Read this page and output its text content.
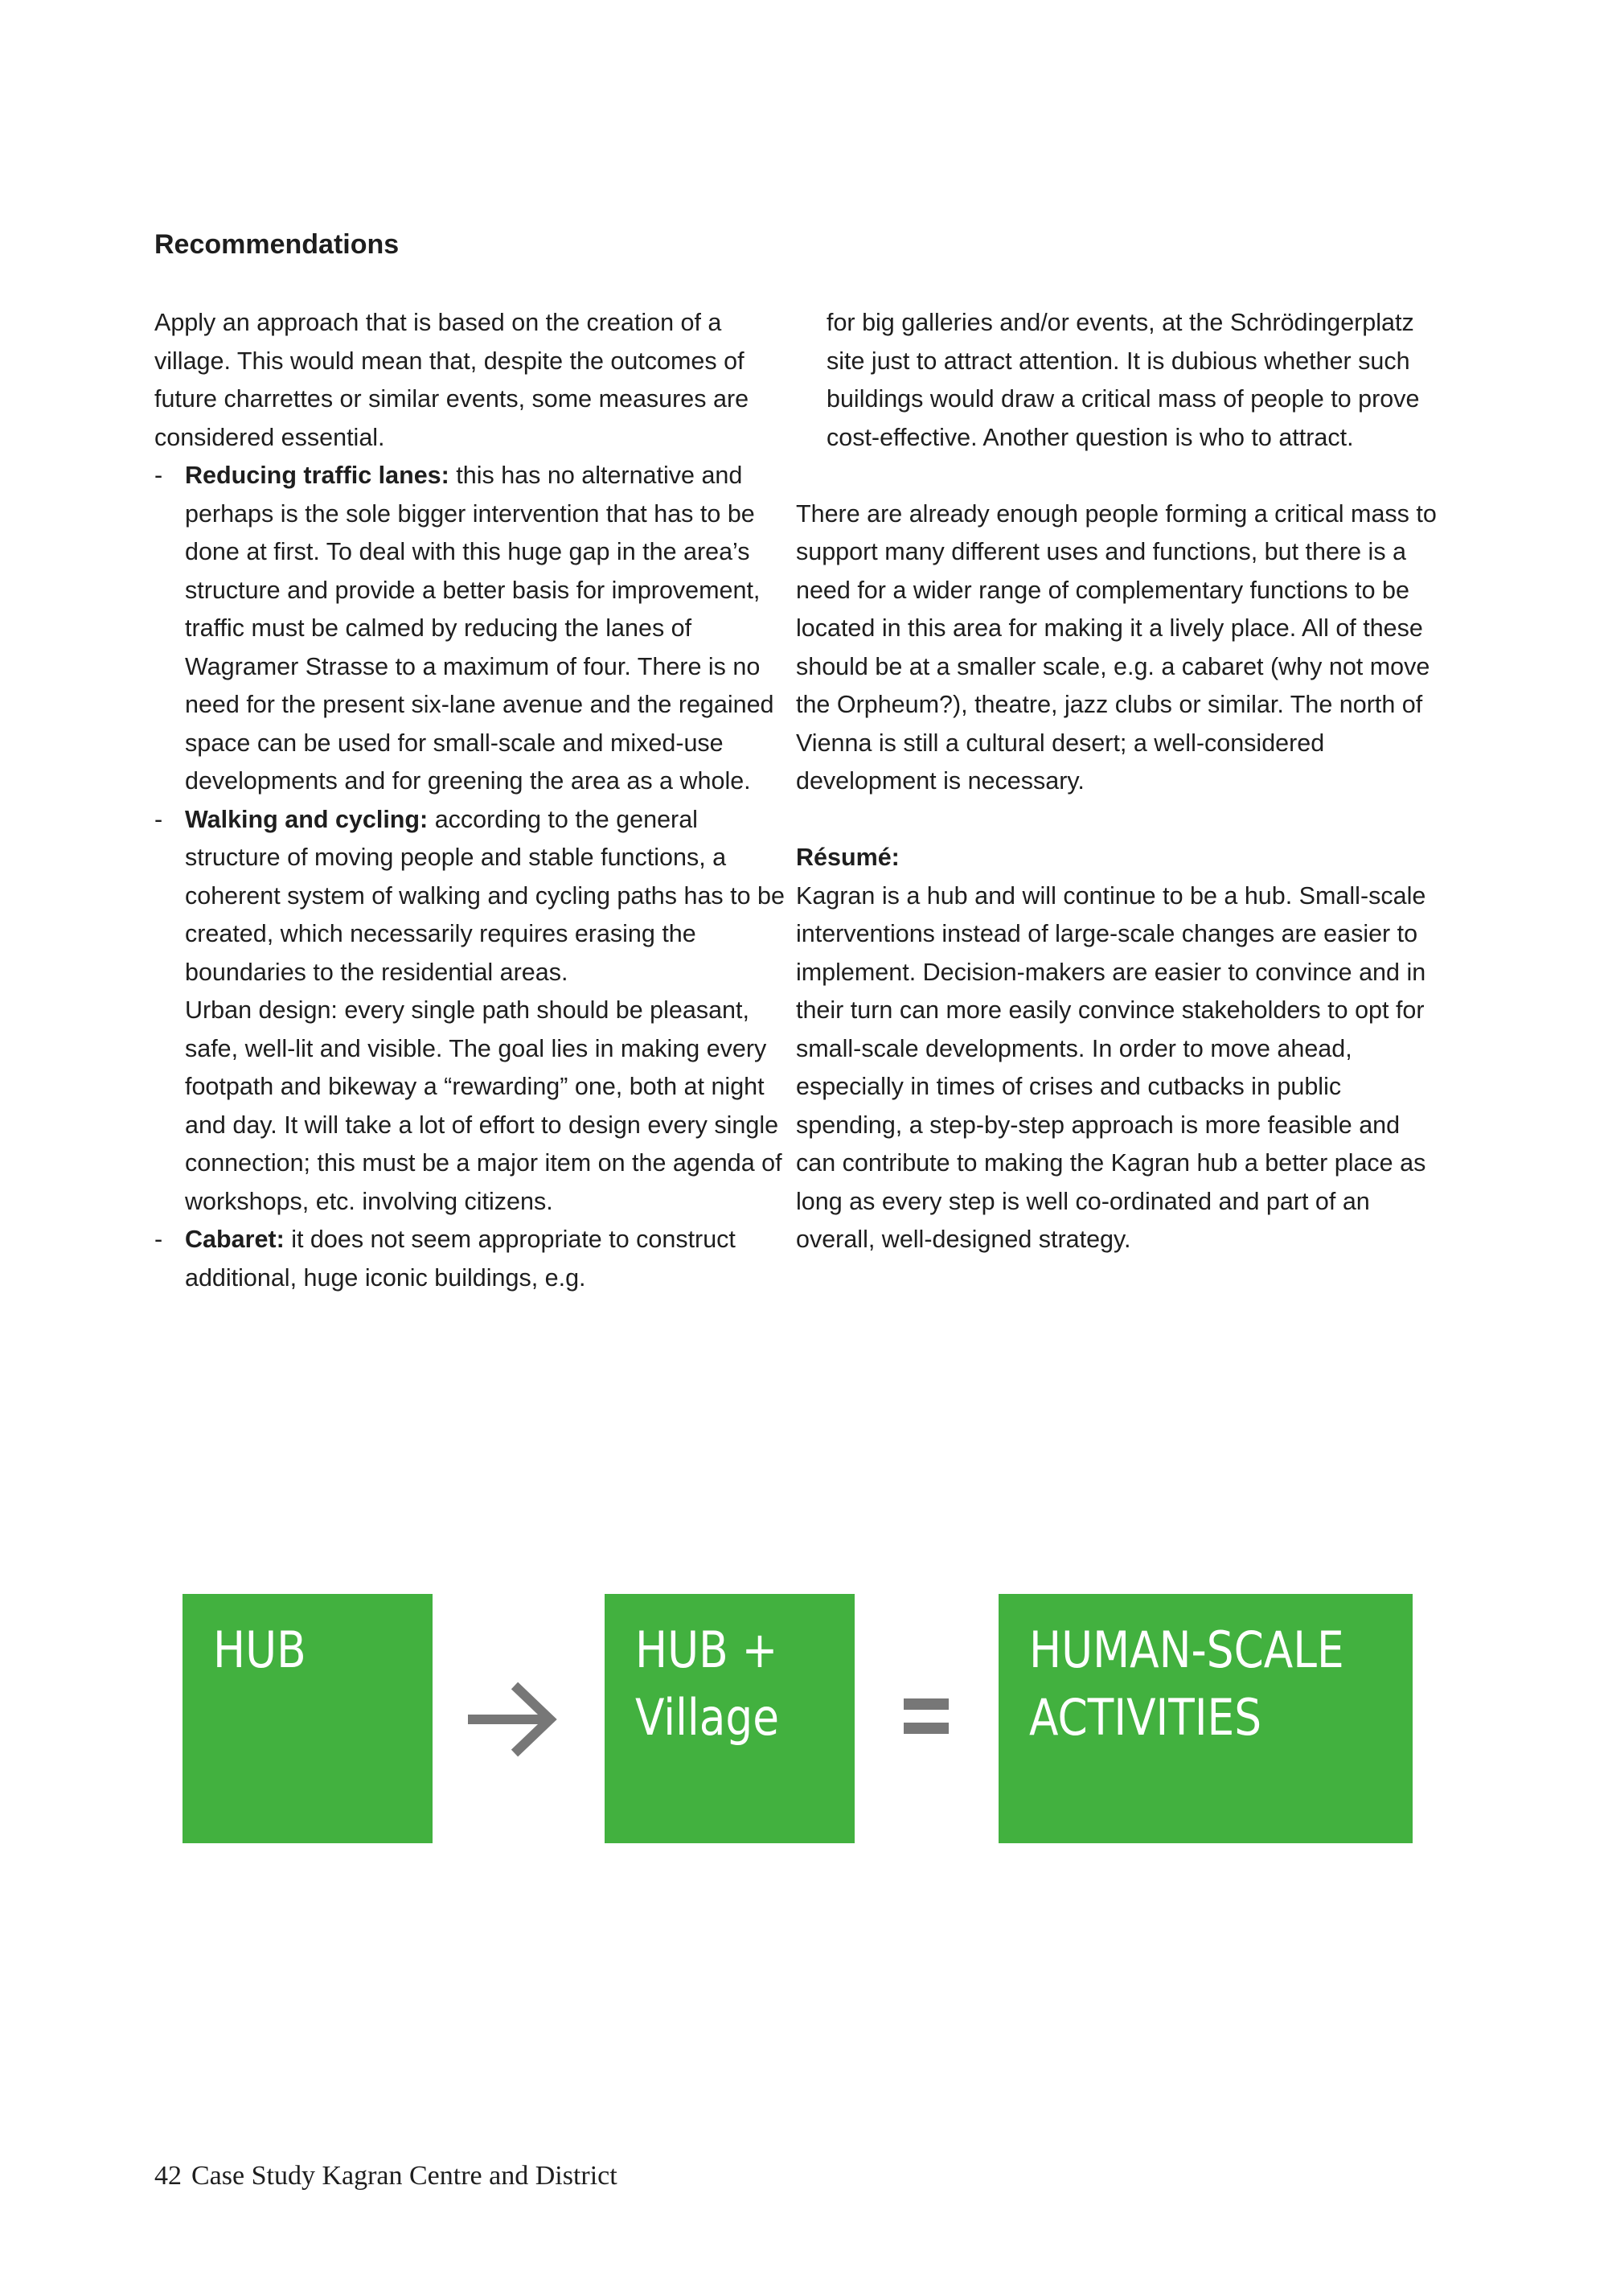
Recommendations

Apply an approach that is based on the creation of a village. This would mean that, despite the outcomes of future charrettes or similar events, some measures are considered essential.

- Reducing traffic lanes: this has no alternative and perhaps is the sole bigger intervention that has to be done at first. To deal with this huge gap in the area’s structure and provide a better basis for improvement, traffic must be calmed by reducing the lanes of Wagramer Strasse to a maximum of four. There is no need for the present six-lane avenue and the regained space can be used for small-scale and mixed-use developments and for greening the area as a whole.
- Walking and cycling: according to the general structure of moving people and stable functions, a coherent system of walking and cycling paths has to be created, which necessarily requires erasing the boundaries to the residential areas.
Urban design: every single path should be pleasant, safe, well-lit and visible. The goal lies in making every footpath and bikeway a “rewarding” one, both at night and day. It will take a lot of effort to design every single connection; this must be a major item on the agenda of workshops, etc. involving citizens.
- Cabaret: it does not seem appropriate to construct additional, huge iconic buildings, e.g.

for big galleries and/or events, at the Schrödingerplatz site just to attract attention. It is dubious whether such buildings would draw a critical mass of people to prove cost-effective. Another question is who to attract.

There are already enough people forming a critical mass to support many different uses and functions, but there is a need for a wider range of complementary functions to be located in this area for making it a lively place. All of these should be at a smaller scale, e.g. a cabaret (why not move the Orpheum?), theatre, jazz clubs or similar. The north of Vienna is still a cultural desert; a well-considered development is necessary.

Résumé:

Kagran is a hub and will continue to be a hub. Small-scale interventions instead of large-scale changes are easier to implement. Decision-makers are easier to convince and in their turn can more easily convince stakeholders to opt for small-scale developments. In order to move ahead, especially in times of crises and cutbacks in public spending, a step-by-step approach is more feasible and can contribute to making the Kagran hub a better place as long as every step is well co-ordinated and part of an overall, well-designed strategy.

HUB	HUB +
Village
HUMAN-SCALE
ACTIVITIES
42 Case Study Kagran Centre and District
